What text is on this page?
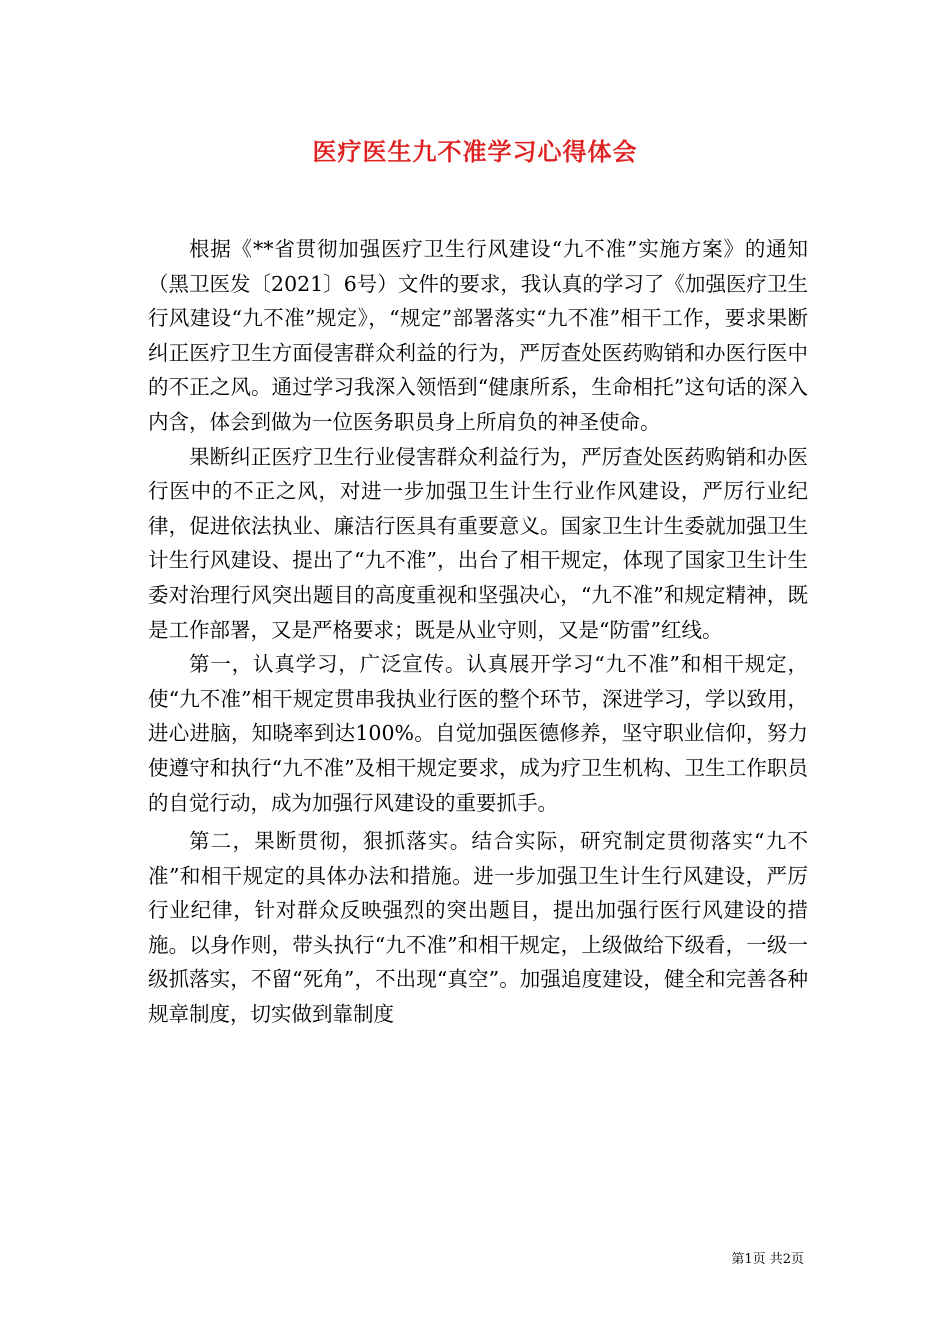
医疗医生九不准学习心得体会

根据《**省贯彻加强医疗卫生行风建设“九不准”实施方案》的通知（黑卫医发〔2021〕6号）文件的要求，我认真的学习了《加强医疗卫生行风建设“九不准”规定》，“规定”部署落实“九不准”相干工作，要求果断纠正医疗卫生方面侵害群众利益的行为，严厉查处医药购销和办医行医中的不正之风。通过学习我深入领悟到“健康所系，生命相托”这句话的深入内含，体会到做为一位医务职员身上所肩负的神圣使命。

果断纠正医疗卫生行业侵害群众利益行为，严厉查处医药购销和办医行医中的不正之风，对进一步加强卫生计生行业作风建设，严厉行业纪律，促进依法执业、廉洁行医具有重要意义。国家卫生计生委就加强卫生计生行风建设、提出了“九不准”，出台了相干规定，体现了国家卫生计生委对治理行风突出题目的高度重视和坚强决心，“九不准”和规定精神，既是工作部署，又是严格要求；既是从业守则，又是“防雷”红线。

第一，认真学习，广泛宣传。认真展开学习“九不准”和相干规定，使“九不准”相干规定贯串我执业行医的整个环节，深进学习，学以致用，进心进脑，知晓率到达100%。自觉加强医德修养，坚守职业信仰，努力使遵守和执行“九不准”及相干规定要求，成为疗卫生机构、卫生工作职员的自觉行动，成为加强行风建设的重要抓手。

第二，果断贯彻，狠抓落实。结合实际，研究制定贯彻落实“九不准”和相干规定的具体办法和措施。进一步加强卫生计生行风建设，严厉行业纪律，针对群众反映强烈的突出题目，提出加强行医行风建设的措施。以身作则，带头执行“九不准”和相干规定，上级做给下级看，一级一级抓落实，不留“死角”，不出现“真空”。加强追度建设，健全和完善各种规章制度，切实做到靠制度

第1页 共2页
